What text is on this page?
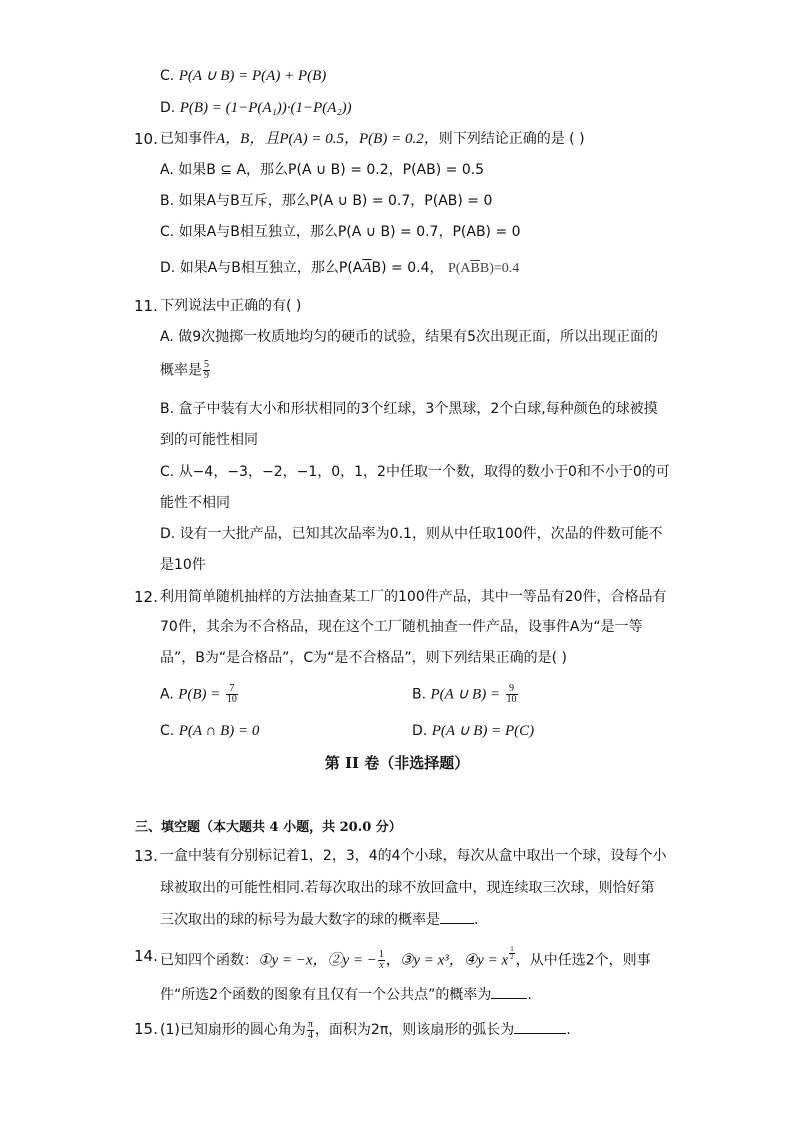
C. P(A ∪ B) = P(A) + P(B)
D. P(B) = (1−P(A₁))·(1−P(A₂))
10. 已知事件A，B，且P(A) = 0.5，P(B) = 0.2，则下列结论正确的是 ( )
A. 如果B ⊆ A，那么P(A ∪ B) = 0.2，P(AB) = 0.5
B. 如果A与B互斥，那么P(A ∪ B) = 0.7，P(AB) = 0
C. 如果A与B相互独立，那么P(A ∪ B) = 0.7，P(AB) = 0
D. 如果A与B相互独立，那么$P(A\overline{A}B) = 0.4$， $P(A\overline{B}B)=0.4$
11. 下列说法中正确的有( )
A. 做9次抛掷一枚质地均匀的硬币的试验，结果有5次出现正面，所以出现正面的
概率是 $\frac{5}{9}$
B. 盒子中装有大小和形状相同的3个红球，3个黑球，2个白球,每种颜色的球被摸
到的可能性相同
C. 从−4，−3，−2，−1，0，1，2中任取一个数，取得的数小于0和不小于0的可
能性不相同
D. 设有一大批产品，已知其次品率为0.1，则从中任取100件，次品的件数可能不
是10件
12. 利用简单随机抽样的方法抽查某工厂的100件产品，其中一等品有20件，合格品有
70件，其余为不合格品，现在这个工厂随机抽查一件产品，设事件A为“是一等
品”，B为“是合格品”，C为“是不合格品”，则下列结果正确的是( )
A. $P(B) = \frac{7}{10}$	B. P(A ∪ $B) = \frac{9}{10}$
C. P(A ∩ B) = 0	D. P(A ∪ B) = P(C)
第 II 卷（非选择题）
三、填空题（本大题共 4 小题，共 20.0 分）
13. 一盒中装有分别标记着1，2，3，4的4个小球，每次从盒中取出一个球，设每个小
球被取出的可能性相同.若每次取出的球不放回盒中，现连续取三次球，则恰好第
三次取出的球的标号为最大数字的球的概率是 .
14. 已知四个函数：①y = −x，②y = − $\frac{1}{x}$ ，③y = x³，④y = x $\frac{1}{2}$ ，从中任选2个，则事
件“所选2个函数的图象有且仅有一个公共点”的概率为	.
15. (1)已知扇形的圆心角为 $\frac{\pi}{4}$ ，面积为2π，则该扇形的弧长为	.
